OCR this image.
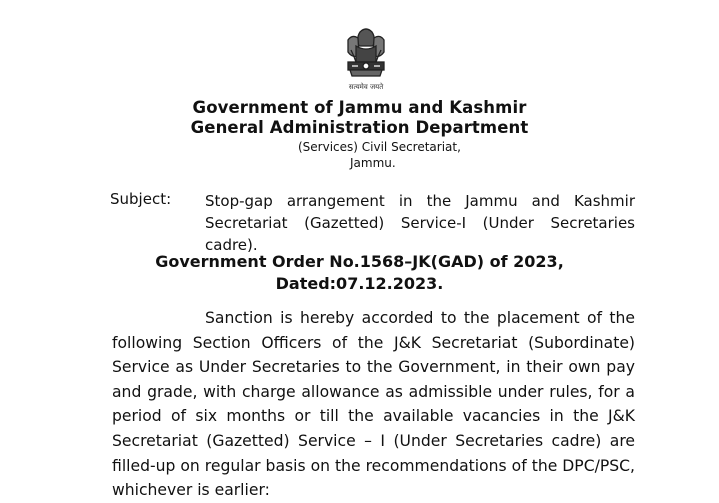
सत्यमेव जयते
Government of Jammu and Kashmir
General Administration Department
(Services) Civil Secretariat,
Jammu.
Subject: Stop-gap arrangement in the Jammu and Kashmir Secretariat (Gazetted) Service-I (Under Secretaries cadre).
Government Order No.1568–JK(GAD) of 2023,
Dated:07.12.2023.
Sanction is hereby accorded to the placement of the following Section Officers of the J&K Secretariat (Subordinate) Service as Under Secretaries to the Government, in their own pay and grade, with charge allowance as admissible under rules, for a period of six months or till the available vacancies in the J&K Secretariat (Gazetted) Service – I (Under Secretaries cadre) are filled-up on regular basis on the recommendations of the DPC/PSC, whichever is earlier:
